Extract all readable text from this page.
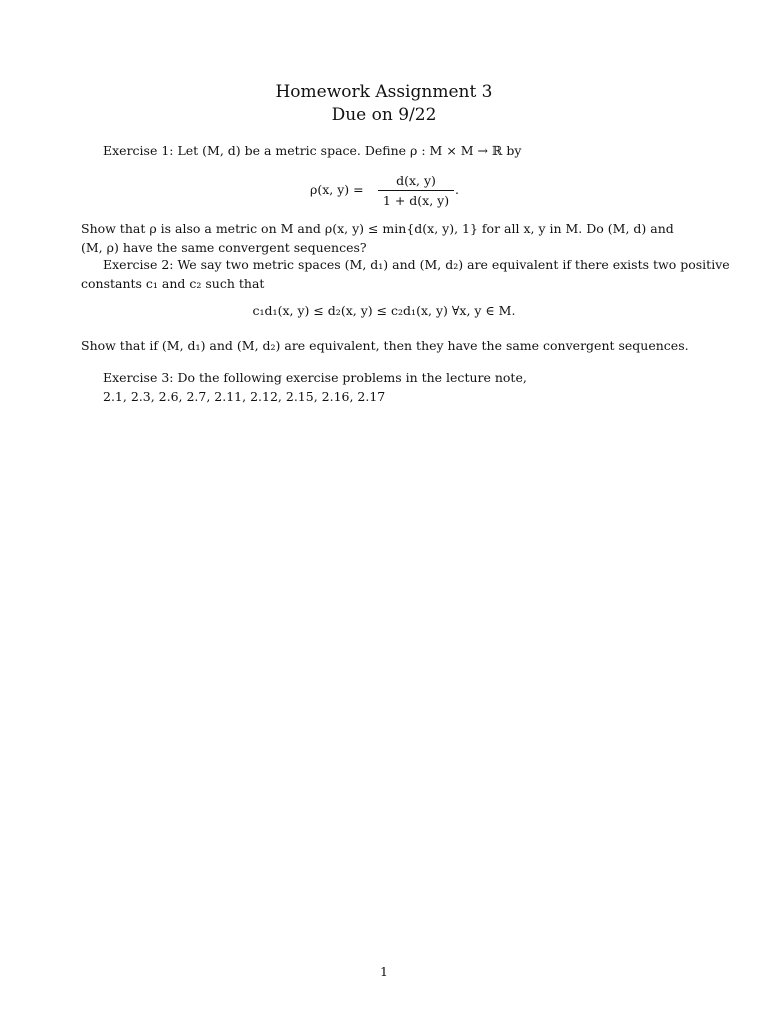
Homework Assignment 3
Due on 9/22
Exercise 1: Let (M, d) be a metric space. Define ρ : M × M → ℝ by
ρ(x, y) =
d(x, y)
1 + d(x, y)
.
Show that ρ is also a metric on M and ρ(x, y) ≤ min{d(x, y), 1} for all x, y in M. Do (M, d) and
(M, ρ) have the same convergent sequences?
Exercise 2: We say two metric spaces (M, d₁) and (M, d₂) are equivalent if there exists two positive
constants c₁ and c₂ such that
c₁d₁(x, y) ≤ d₂(x, y) ≤ c₂d₁(x, y) ∀x, y ∈ M.
Show that if (M, d₁) and (M, d₂) are equivalent, then they have the same convergent sequences.
Exercise 3: Do the following exercise problems in the lecture note,
2.1, 2.3, 2.6, 2.7, 2.11, 2.12, 2.15, 2.16, 2.17
1
